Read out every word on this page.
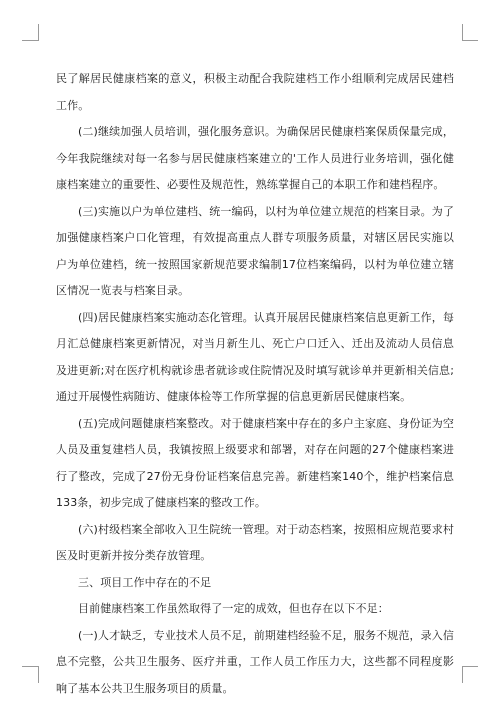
民了解居民健康档案的意义，积极主动配合我院建档工作小组顺利完成居民建档工作。

(二)继续加强人员培训，强化服务意识。为确保居民健康档案保质保量完成，今年我院继续对每一名参与居民健康档案建立的'工作人员进行业务培训，强化健康档案建立的重要性、必要性及规范性，熟练掌握自己的本职工作和建档程序。

(三)实施以户为单位建档、统一编码，以村为单位建立规范的档案目录。为了加强健康档案户口化管理，有效提高重点人群专项服务质量，对辖区居民实施以户为单位建档，统一按照国家新规范要求编制17位档案编码，以村为单位建立辖区情况一览表与档案目录。

(四)居民健康档案实施动态化管理。认真开展居民健康档案信息更新工作，每月汇总健康档案更新情况，对当月新生儿、死亡户口迁入、迁出及流动人员信息及进更新;对在医疗机构就诊患者就诊或住院情况及时填写就诊单并更新相关信息;通过开展慢性病随访、健康体检等工作所掌握的信息更新居民健康档案。

(五)完成问题健康档案整改。对于健康档案中存在的多户主家庭、身份证为空人员及重复建档人员，我镇按照上级要求和部署，对存在问题的27个健康档案进行了整改，完成了27份无身份证档案信息完善。新建档案140个，维护档案信息133条，初步完成了健康档案的整改工作。

(六)村级档案全部收入卫生院统一管理。对于动态档案，按照相应规范要求村医及时更新并按分类存放管理。

三、项目工作中存在的不足

目前健康档案工作虽然取得了一定的成效，但也存在以下不足：

(一)人才缺乏，专业技术人员不足，前期建档经验不足，服务不规范，录入信息不完整，公共卫生服务、医疗并重，工作人员工作压力大，这些都不同程度影响了基本公共卫生服务项目的质量。
